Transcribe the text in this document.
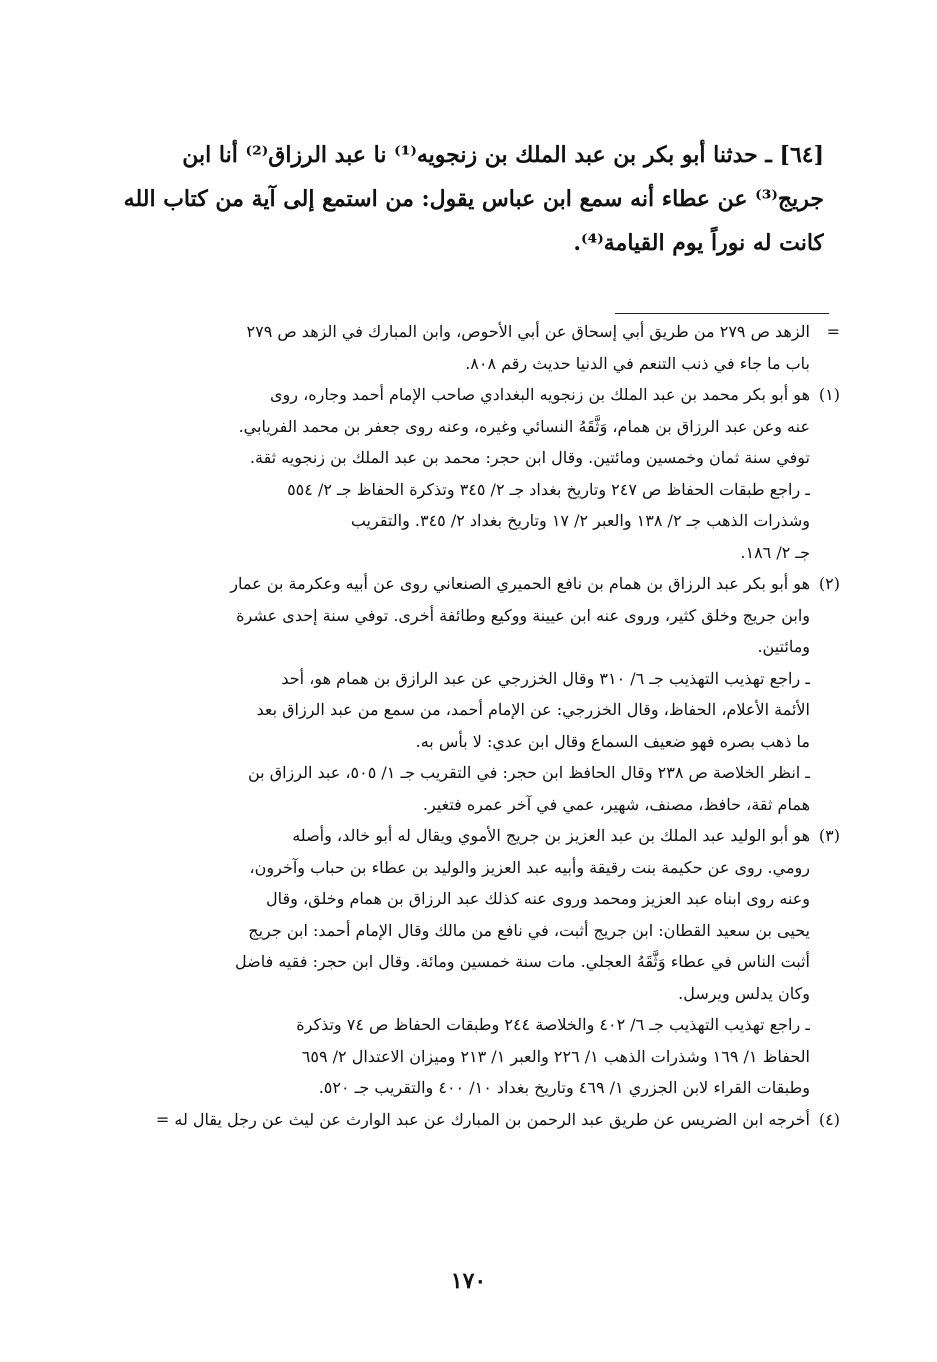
[٦٤] ـ حدثنا أبو بكر بن عبد الملك بن زنجويه⁽¹⁾ نا عبد الرزاق⁽²⁾ أنا ابن
جريج⁽³⁾ عن عطاء أنه سمع ابن عباس يقول: من استمع إلى آية من كتاب الله
كانت له نوراً يوم القيامة⁽⁴⁾.
=
الزهد ص ٢٧٩ من طريق أبي إسحاق عن أبي الأحوص، وابن المبارك في الزهد ص ٢٧٩
باب ما جاء في ذنب التنعم في الدنيا حديث رقم ٨٠٨.
(١)
هو أبو بكر محمد بن عبد الملك بن زنجويه البغدادي صاحب الإمام أحمد وجاره، روى
عنه وعن عبد الرزاق بن همام، وَثَّقَهُ النسائي وغيره، وعنه روى جعفر بن محمد الفريابي.
توفي سنة ثمان وخمسين ومائتين. وقال ابن حجر: محمد بن عبد الملك بن زنجويه ثقة.
ـ راجع طبقات الحفاظ ص ٢٤٧ وتاريخ بغداد جـ ٢/ ٣٤٥ وتذكرة الحفاظ جـ ٢/ ٥٥٤
وشذرات الذهب جـ ٢/ ١٣٨ والعبر ٢/ ١٧ وتاريخ بغداد ٢/ ٣٤٥. والتقريب
جـ ٢/ ١٨٦.
(٢)
هو أبو بكر عبد الرزاق بن همام بن نافع الحميري الصنعاني روى عن أبيه وعكرمة بن عمار
وابن جريج وخلق كثير، وروى عنه ابن عيينة ووكيع وطائفة أخرى. توفي سنة إحدى عشرة
ومائتين.
ـ راجع تهذيب التهذيب جـ ٦/ ٣١٠ وقال الخزرجي عن عبد الرازق بن همام هو، أحد
الأئمة الأعلام، الحفاظ، وقال الخزرجي: عن الإمام أحمد، من سمع من عبد الرزاق بعد
ما ذهب بصره فهو ضعيف السماع وقال ابن عدي: لا بأس به.
ـ انظر الخلاصة ص ٢٣٨ وقال الحافظ ابن حجر: في التقريب جـ ١/ ٥٠٥، عبد الرزاق بن
همام ثقة، حافظ، مصنف، شهير، عمي في آخر عمره فتغير.
(٣)
هو أبو الوليد عبد الملك بن عبد العزيز بن جريج الأموي ويقال له أبو خالد، وأصله
رومي. روى عن حكيمة بنت رقيقة وأبيه عبد العزيز والوليد بن عطاء بن حباب وآخرون،
وعنه روى ابناه عبد العزيز ومحمد وروى عنه كذلك عبد الرزاق بن همام وخلق، وقال
يحيى بن سعيد القطان: ابن جريج أثبت، في نافع من مالك وقال الإمام أحمد: ابن جريج
أثبت الناس في عطاء وَثَّقَهُ العجلي. مات سنة خمسين ومائة. وقال ابن حجر: فقيه فاضل
وكان يدلس ويرسل.
ـ راجع تهذيب التهذيب جـ ٦/ ٤٠٢ والخلاصة ٢٤٤ وطبقات الحفاظ ص ٧٤ وتذكرة
الحفاظ ١/ ١٦٩ وشذرات الذهب ١/ ٢٢٦ والعبر ١/ ٢١٣ وميزان الاعتدال ٢/ ٦٥٩
وطبقات القراء لابن الجزري ١/ ٤٦٩ وتاريخ بغداد ١٠/ ٤٠٠ والتقريب جـ ٥٢٠.
(٤)
أخرجه ابن الضريس عن طريق عبد الرحمن بن المبارك عن عبد الوارث عن ليث عن رجل يقال له =
١٧٠
